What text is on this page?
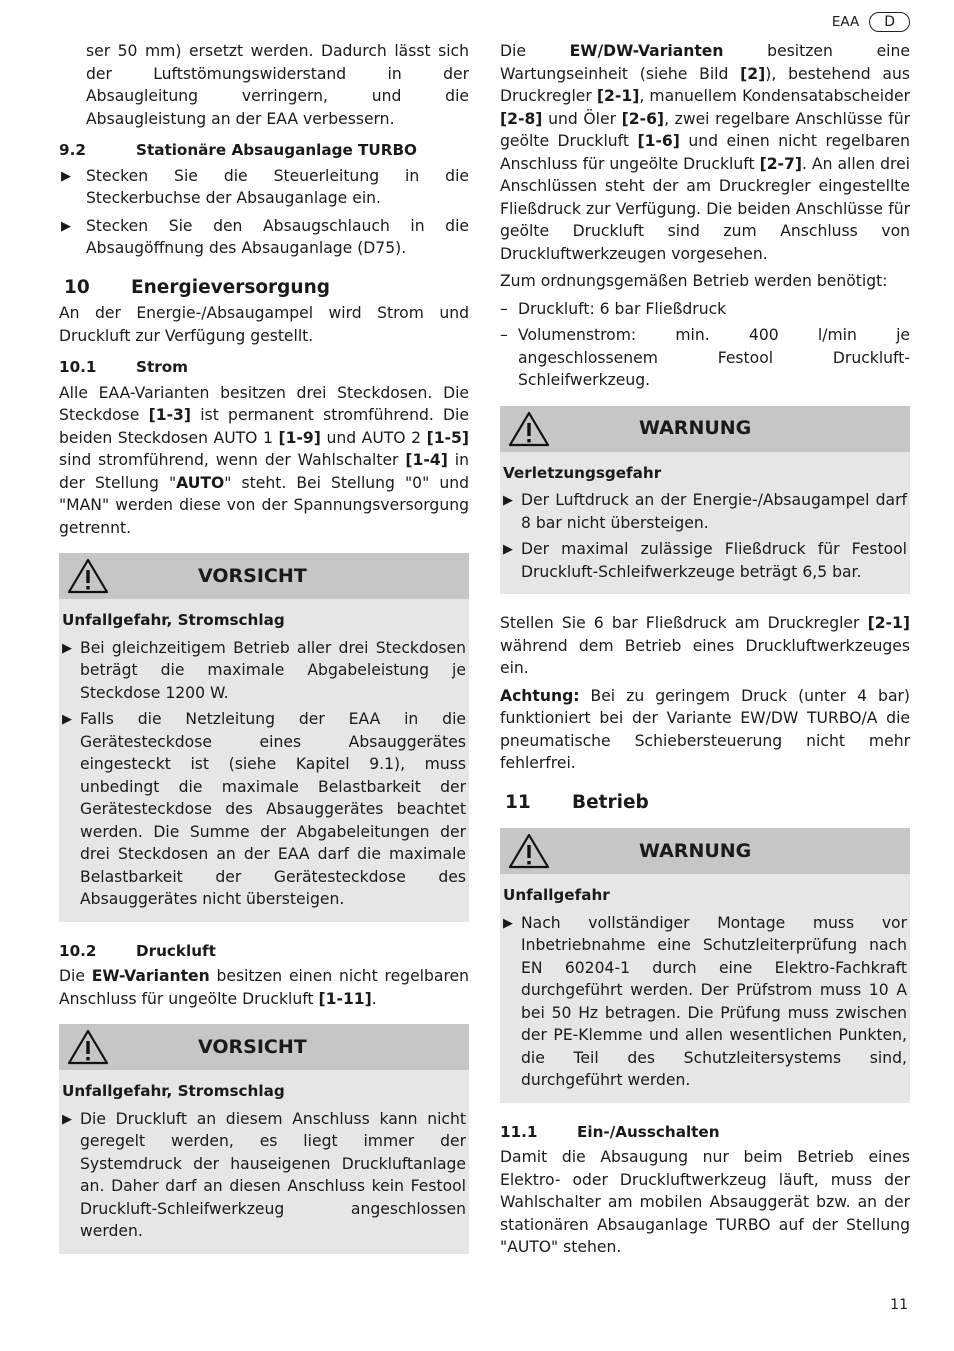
EAA	D

ser 50 mm) ersetzt werden. Dadurch lässt sich der Luftstömungswiderstand in der Absaugleitung verringern, und die Absaugleistung an der EAA verbessern.

9.2	Stationäre Absauganlage TURBO
▶ Stecken Sie die Steuerleitung in die Steckerbuchse der Absauganlage ein.
▶ Stecken Sie den Absaugschlauch in die Absaugöffnung des Absauganlage (D75).
10	Energieversorgung

An der Energie-/Absaugampel wird Strom und Druckluft zur Verfügung gestellt.

10.1	Strom

Alle EAA-Varianten besitzen drei Steckdosen. Die Steckdose [1-3] ist permanent stromführend. Die beiden Steckdosen AUTO 1 [1-9] und AUTO 2 [1-5] sind stromführend, wenn der Wahlschalter [1-4] in der Stellung "AUTO" steht. Bei Stellung "0" und "MAN" werden diese von der Spannungsversorgung getrennt.

VORSICHT
Unfallgefahr, Stromschlag
▶ Bei gleichzeitigem Betrieb aller drei Steckdosen beträgt die maximale Abgabeleistung je Steckdose 1200 W.
▶ Falls die Netzleitung der EAA in die Gerätesteckdose eines Absauggerätes eingesteckt ist (siehe Kapitel 9.1), muss unbedingt die maximale Belastbarkeit der Gerätesteckdose des Absauggerätes beachtet werden. Die Summe der Abgabeleitungen der drei Steckdosen an der EAA darf die maximale Belastbarkeit der Gerätesteckdose des Absauggerätes nicht übersteigen.
10.2	Druckluft

Die EW-Varianten besitzen einen nicht regelbaren Anschluss für ungeölte Druckluft [1-11].

VORSICHT
Unfallgefahr, Stromschlag
▶ Die Druckluft an diesem Anschluss kann nicht geregelt werden, es liegt immer der Systemdruck der hauseigenen Druckluftanlage an. Daher darf an diesen Anschluss kein Festool Druckluft-Schleifwerkzeug angeschlossen werden.

Die EW/DW-Varianten besitzen eine Wartungseinheit (siehe Bild [2]), bestehend aus Druckregler [2-1], manuellem Kondensatabscheider [2-8] und Öler [2-6], zwei regelbare Anschlüsse für geölte Druckluft [1-6] und einen nicht regelbaren Anschluss für ungeölte Druckluft [2-7]. An allen drei Anschlüssen steht der am Druckregler eingestellte Fließdruck zur Verfügung. Die beiden Anschlüsse für geölte Druckluft sind zum Anschluss von Druckluftwerkzeugen vorgesehen.

Zum ordnungsgemäßen Betrieb werden benötigt:

– Druckluft: 6 bar Fließdruck
– Volumenstrom: min. 400 l/min je angeschlossenem Festool Druckluft-Schleifwerkzeug.
WARNUNG
Verletzungsgefahr
▶ Der Luftdruck an der Energie-/Absaugampel darf 8 bar nicht übersteigen.
▶ Der maximal zulässige Fließdruck für Festool Druckluft-Schleifwerkzeuge beträgt 6,5 bar.

Stellen Sie 6 bar Fließdruck am Druckregler [2-1] während dem Betrieb eines Druckluftwerkzeuges ein.

Achtung: Bei zu geringem Druck (unter 4 bar) funktioniert bei der Variante EW/DW TURBO/A die pneumatische Schiebersteuerung nicht mehr fehlerfrei.

11	Betrieb
WARNUNG
Unfallgefahr
▶ Nach vollständiger Montage muss vor Inbetriebnahme eine Schutzleiterprüfung nach EN 60204-1 durch eine Elektro-Fachkraft durchgeführt werden. Der Prüfstrom muss 10 A bei 50 Hz betragen. Die Prüfung muss zwischen der PE-Klemme und allen wesentlichen Punkten, die Teil des Schutzleitersystems sind, durchgeführt werden.
11.1	Ein-/Ausschalten

Damit die Absaugung nur beim Betrieb eines Elektro- oder Druckluftwerkzeug läuft, muss der Wahlschalter am mobilen Absauggerät bzw. an der stationären Absauganlage TURBO auf der Stellung "AUTO" stehen.

11
